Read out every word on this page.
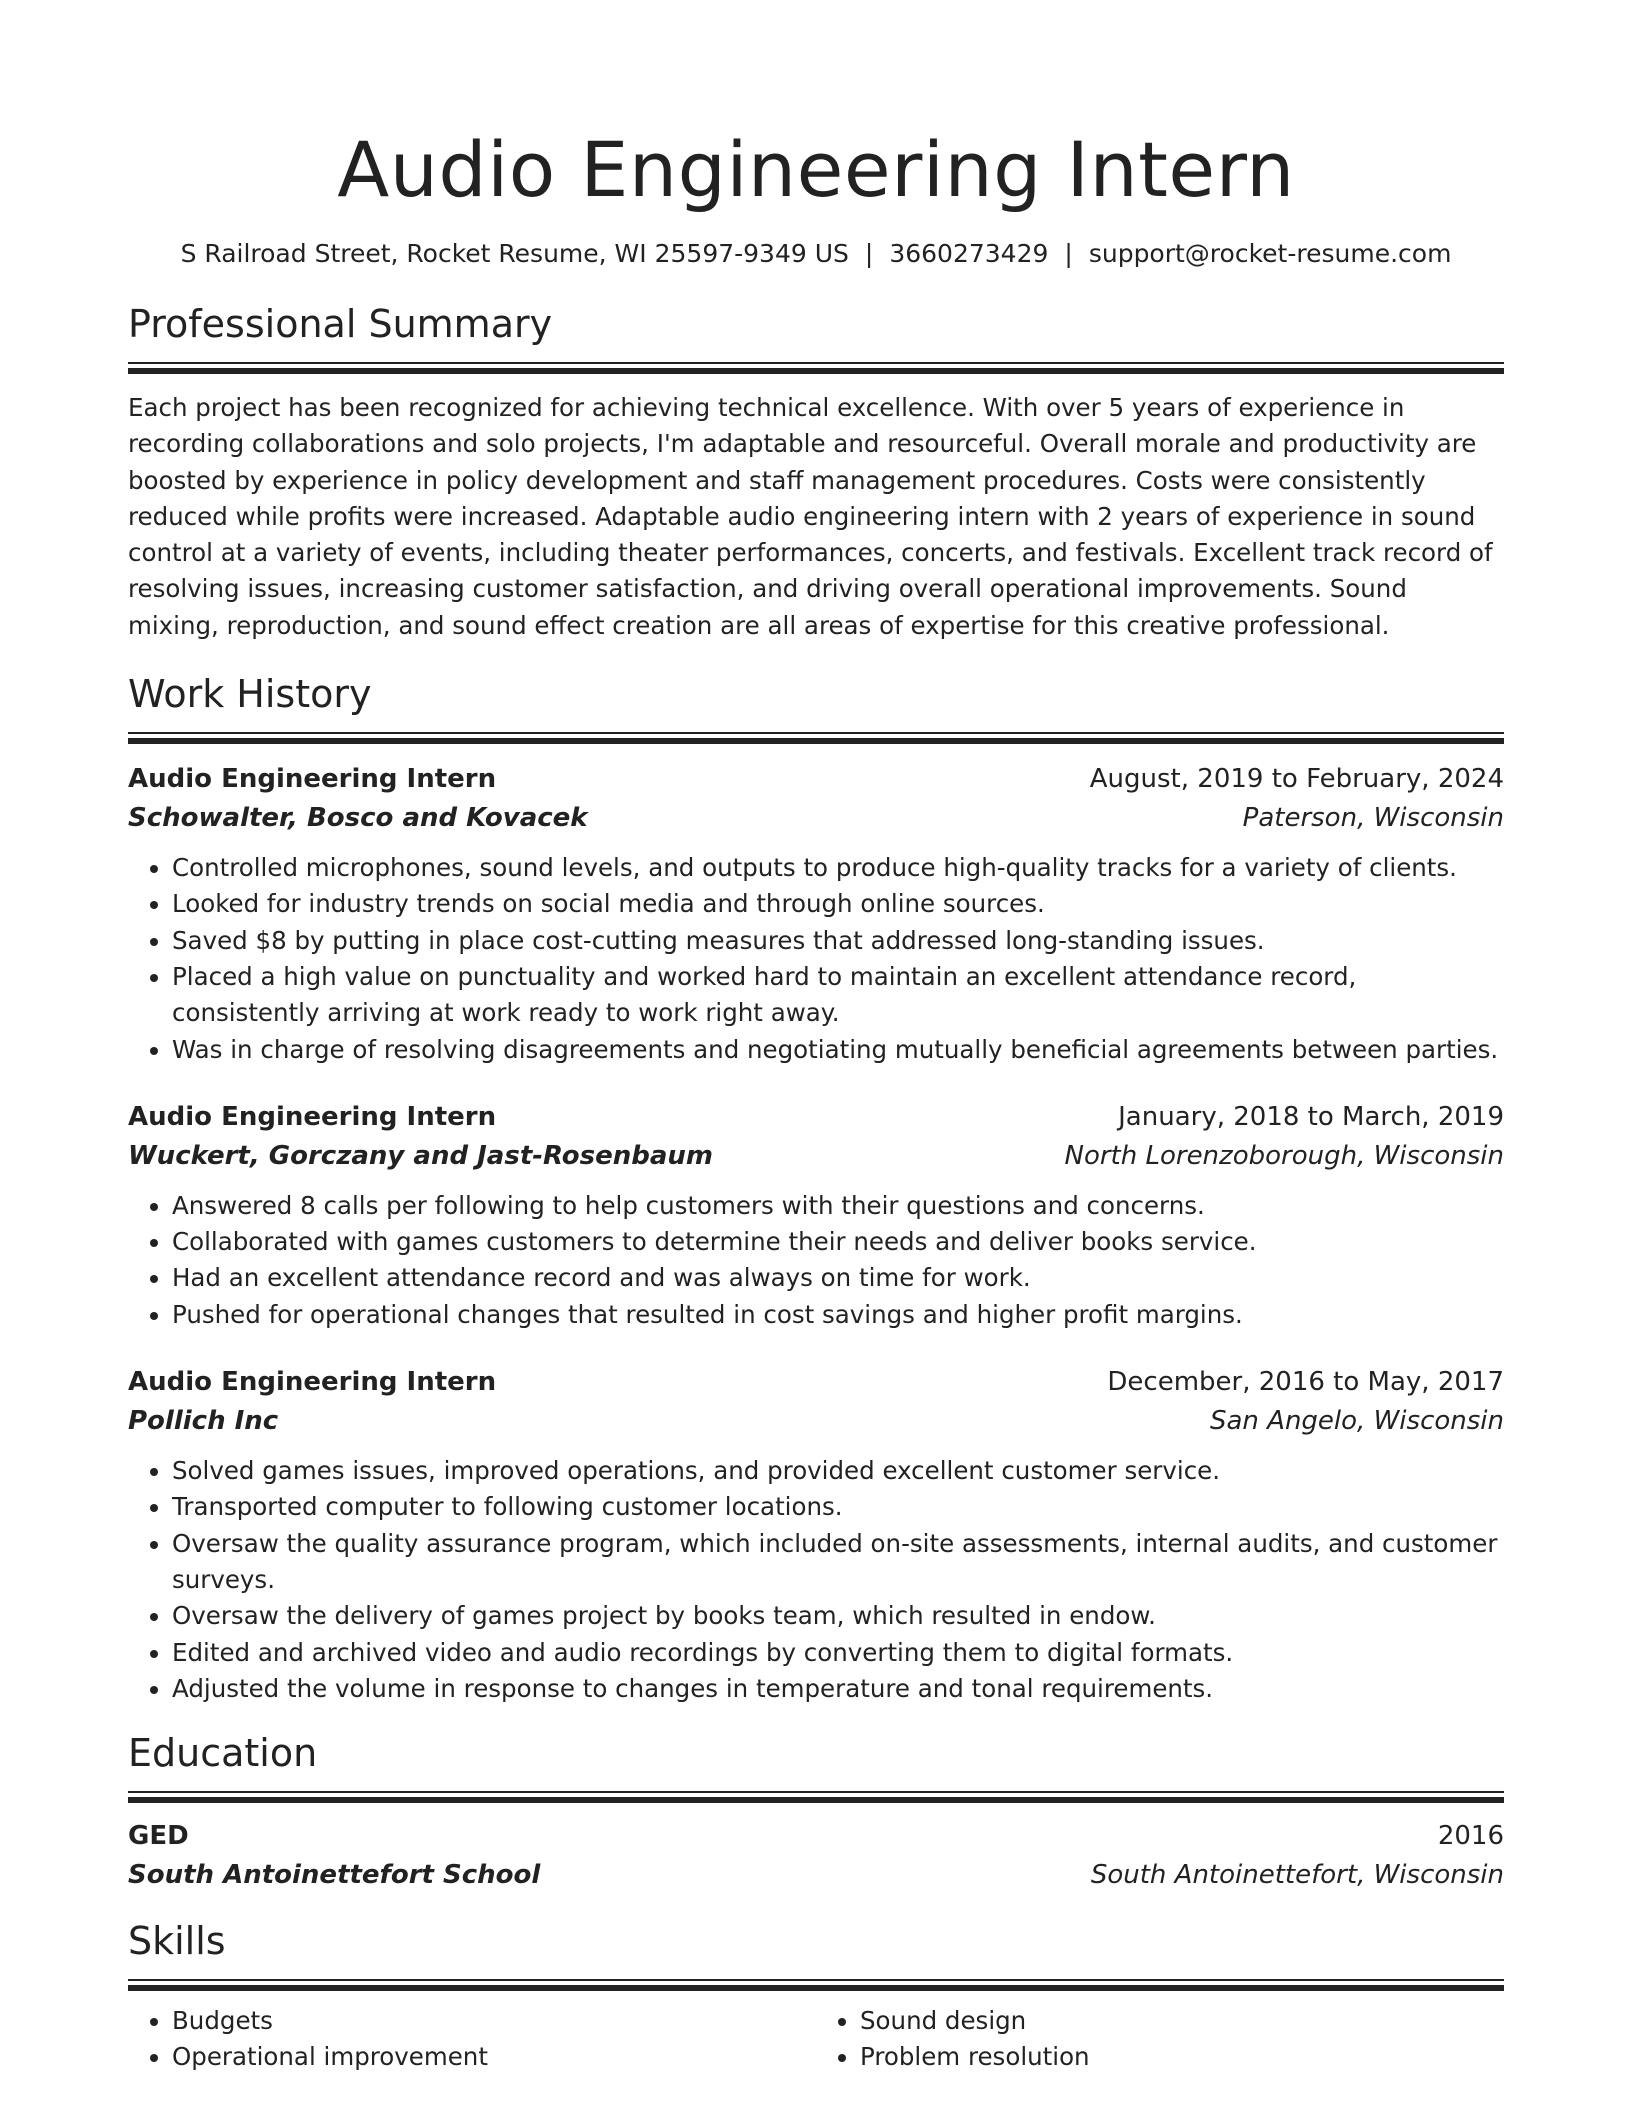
Audio Engineering Intern
S Railroad Street, Rocket Resume, WI 25597-9349 US | 3660273429 | support@rocket-resume.com
Professional Summary
Each project has been recognized for achieving technical excellence. With over 5 years of experience in recording collaborations and solo projects, I'm adaptable and resourceful. Overall morale and productivity are boosted by experience in policy development and staff management procedures. Costs were consistently reduced while profits were increased. Adaptable audio engineering intern with 2 years of experience in sound control at a variety of events, including theater performances, concerts, and festivals. Excellent track record of resolving issues, increasing customer satisfaction, and driving overall operational improvements. Sound mixing, reproduction, and sound effect creation are all areas of expertise for this creative professional.
Work History
Audio Engineering Intern	August, 2019 to February, 2024
Schowalter, Bosco and Kovacek	Paterson, Wisconsin
• Controlled microphones, sound levels, and outputs to produce high-quality tracks for a variety of clients.
• Looked for industry trends on social media and through online sources.
• Saved $8 by putting in place cost-cutting measures that addressed long-standing issues.
• Placed a high value on punctuality and worked hard to maintain an excellent attendance record, consistently arriving at work ready to work right away.
• Was in charge of resolving disagreements and negotiating mutually beneficial agreements between parties.
Audio Engineering Intern	January, 2018 to March, 2019
Wuckert, Gorczany and Jast-Rosenbaum	North Lorenzoborough, Wisconsin
• Answered 8 calls per following to help customers with their questions and concerns.
• Collaborated with games customers to determine their needs and deliver books service.
• Had an excellent attendance record and was always on time for work.
• Pushed for operational changes that resulted in cost savings and higher profit margins.
Audio Engineering Intern	December, 2016 to May, 2017
Pollich Inc	San Angelo, Wisconsin
• Solved games issues, improved operations, and provided excellent customer service.
• Transported computer to following customer locations.
• Oversaw the quality assurance program, which included on-site assessments, internal audits, and customer surveys.
• Oversaw the delivery of games project by books team, which resulted in endow.
• Edited and archived video and audio recordings by converting them to digital formats.
• Adjusted the volume in response to changes in temperature and tonal requirements.
Education
GED	2016
South Antoinettefort School	South Antoinettefort, Wisconsin
Skills
• Budgets
• Operational improvement
• Sound design
• Problem resolution
